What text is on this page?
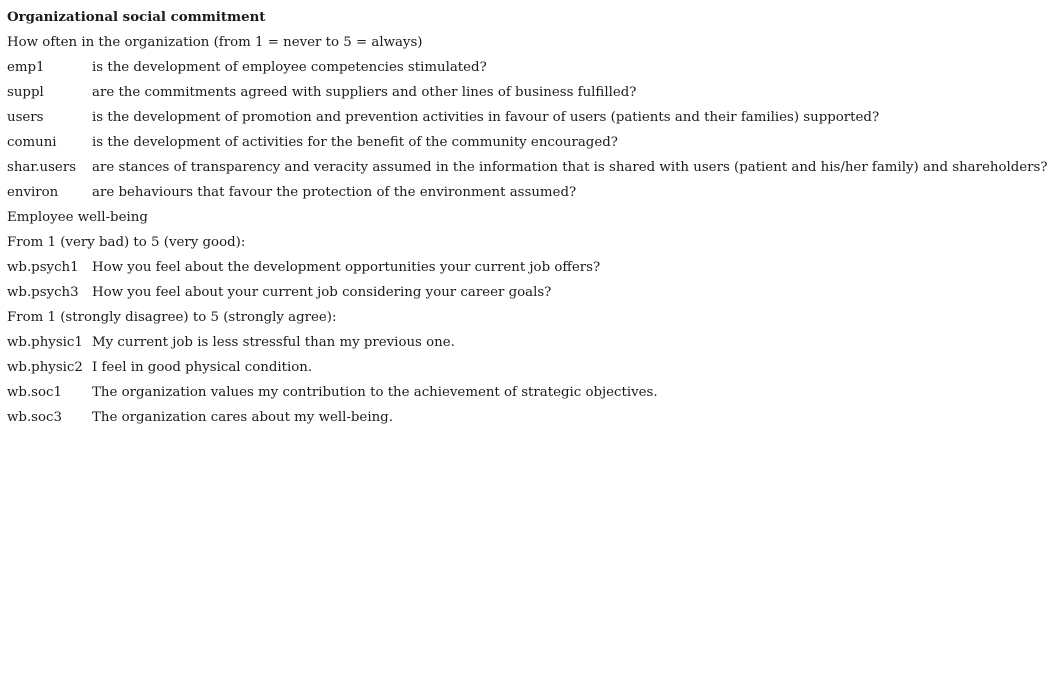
Organizational social commitment
How often in the organization (from 1 = never to 5 = always)
emp1	is the development of employee competencies stimulated?
suppl	are the commitments agreed with suppliers and other lines of business fulfilled?
users	is the development of promotion and prevention activities in favour of users (patients and their families) supported?
comuni	is the development of activities for the benefit of the community encouraged?
shar.users	are stances of transparency and veracity assumed in the information that is shared with users (patient and his/her family) and shareholders?
environ	are behaviours that favour the protection of the environment assumed?
Employee well-being
From 1 (very bad) to 5 (very good):
wb.psych1	How you feel about the development opportunities your current job offers?
wb.psych3	How you feel about your current job considering your career goals?
From 1 (strongly disagree) to 5 (strongly agree):
wb.physic1 My current job is less stressful than my previous one.
wb.physic2 I feel in good physical condition.
wb.soc1	The organization values my contribution to the achievement of strategic objectives.
wb.soc3	The organization cares about my well-being.
